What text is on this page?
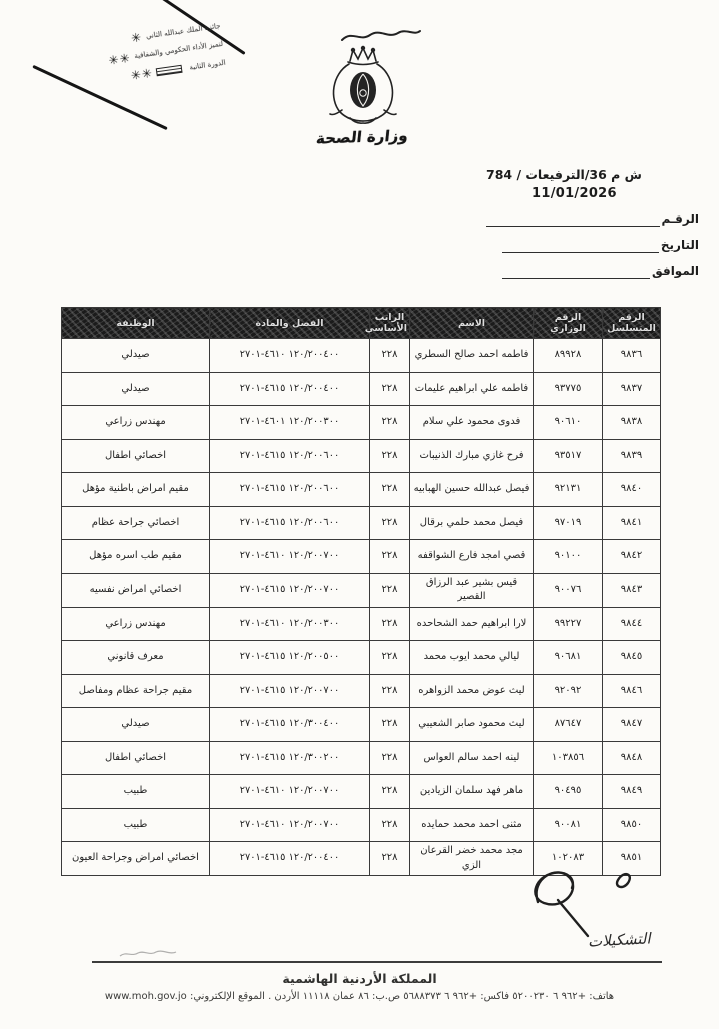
جائزة الملك عبدالله الثاني
✳
لتميز الأداء الحكومي والشفافية
✳✳	الدورة الثانية
✳✳
وزارة الصحة
ش م 36/الترفيعات / 784
11/01/2026
الرقـم
التاريخ
الموافق
الرقم المتسلسل	الرقم الوزاري	الاسم	الراتب الأساسي	الفصل والمادة	الوظيفة
٩٨٣٦	٨٩٩٢٨	فاطمه احمد صالح السطري	٢٢٨	١٢٠/٢٠٠٤٠٠ ٤٦١٠-٢٧٠١	صيدلي
٩٨٣٧	٩٣٧٧٥	فاطمه علي ابراهيم عليمات	٢٢٨	١٢٠/٢٠٠٤٠٠ ٤٦١٥-٢٧٠١	صيدلي
٩٨٣٨	٩٠٦١٠	فدوى محمود علي سلام	٢٢٨	١٢٠/٢٠٠٣٠٠ ٤٦٠١-٢٧٠١	مهندس زراعي
٩٨٣٩	٩٣٥١٧	فرح غازي مبارك الذنيبات	٢٢٨	١٢٠/٢٠٠٦٠٠ ٤٦١٥-٢٧٠١	اخصائي اطفال
٩٨٤٠	٩٢١٣١	فيصل عبدالله حسين الهبابيه	٢٢٨	١٢٠/٢٠٠٦٠٠ ٤٦١٥-٢٧٠١	مقيم امراض باطنية مؤهل
٩٨٤١	٩٧٠١٩	فيصل محمد حلمي برقال	٢٢٨	١٢٠/٢٠٠٦٠٠ ٤٦١٥-٢٧٠١	اخصائي جراحة عظام
٩٨٤٢	٩٠١٠٠	قصي امجد فارع الشواقفه	٢٢٨	١٢٠/٢٠٠٧٠٠ ٤٦١٠-٢٧٠١	مقيم طب اسره مؤهل
٩٨٤٣	٩٠٠٧٦	قيس بشير عبد الرزاق القصير	٢٢٨	١٢٠/٢٠٠٧٠٠ ٤٦١٥-٢٧٠١	اخصائي امراض نفسيه
٩٨٤٤	٩٩٢٢٧	لارا ابراهيم حمد الشحاحده	٢٢٨	١٢٠/٢٠٠٣٠٠ ٤٦١٠-٢٧٠١	مهندس زراعي
٩٨٤٥	٩٠٦٨١	ليالي محمد ايوب محمد	٢٢٨	١٢٠/٢٠٠٥٠٠ ٤٦١٥-٢٧٠١	معرف قانوني
٩٨٤٦	٩٢٠٩٢	ليث عوض محمد الزواهره	٢٢٨	١٢٠/٢٠٠٧٠٠ ٤٦١٥-٢٧٠١	مقيم جراحة عظام ومفاصل
٩٨٤٧	٨٧٦٤٧	ليث محمود صابر الشعيبي	٢٢٨	١٢٠/٣٠٠٤٠٠ ٤٦١٥-٢٧٠١	صيدلي
٩٨٤٨	١٠٣٨٥٦	لينه احمد سالم العواس	٢٢٨	١٢٠/٣٠٠٢٠٠ ٤٦١٥-٢٧٠١	اخصائي اطفال
٩٨٤٩	٩٠٤٩٥	ماهر فهد سلمان الزيادين	٢٢٨	١٢٠/٢٠٠٧٠٠ ٤٦١٠-٢٧٠١	طبيب
٩٨٥٠	٩٠٠٨١	مثنى احمد محمد حمايده	٢٢٨	١٢٠/٢٠٠٧٠٠ ٤٦١٠-٢٧٠١	طبيب
٩٨٥١	١٠٢٠٨٣	مجد محمد خضر القرعان الزي	٢٢٨	١٢٠/٢٠٠٤٠٠ ٤٦١٥-٢٧٠١	اخصائي امراض وجراحة العيون
التشكيلات
المملكة الأردنية الهاشمية
هاتف: +٩٦٢ ٦ ٥٢٠٠٢٣٠ فاكس: +٩٦٢ ٦ ٥٦٨٨٣٧٣ ص.ب: ٨٦ عمان ١١١١٨ الأردن . الموقع الإلكتروني: www.moh.gov.jo
